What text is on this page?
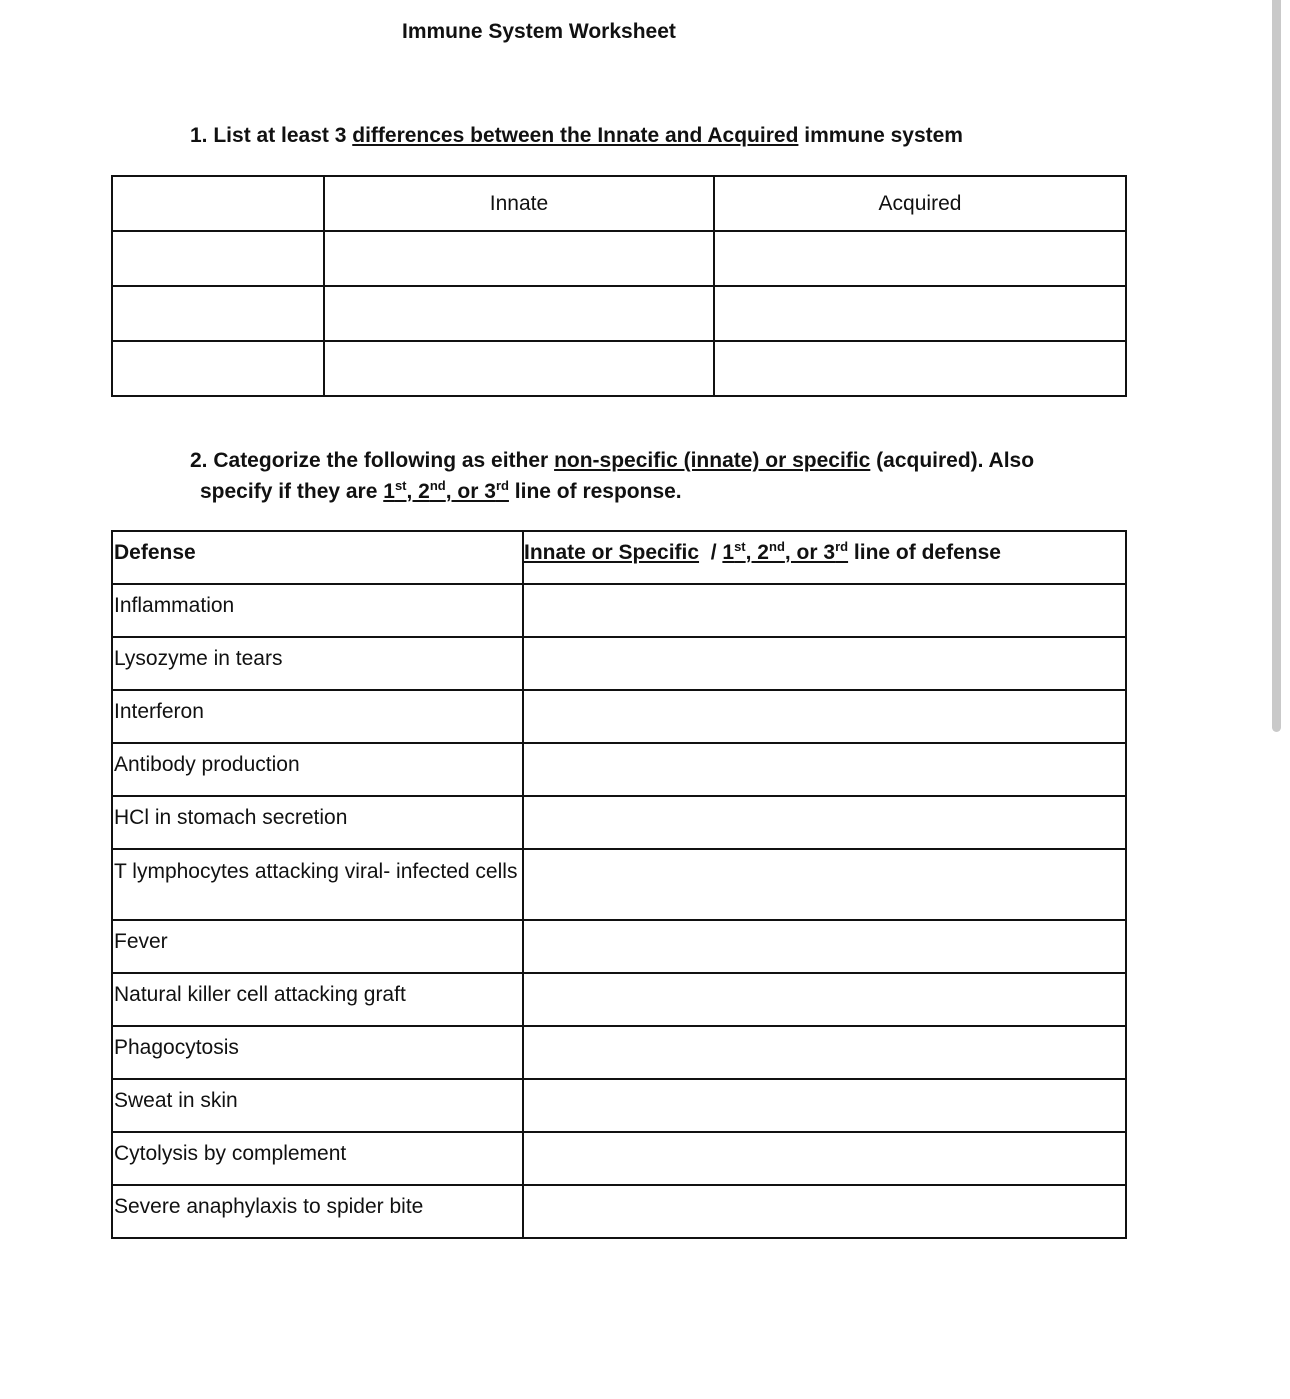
Immune System Worksheet
1. List at least 3 differences between the Innate and Acquired immune system
	Innate	Acquired

2. Categorize the following as either non-specific (innate) or specific (acquired). Also
specify if they are 1st, 2nd, or 3rd line of response.
Defense	Innate or Specific  / 1st, 2nd, or 3rd line of defense
Inflammation	
Lysozyme in tears	
Interferon	
Antibody production	
HCl in stomach secretion	
T lymphocytes attacking viral- infected cells	
Fever	
Natural killer cell attacking graft	
Phagocytosis	
Sweat in skin	
Cytolysis by complement	
Severe anaphylaxis to spider bite	
